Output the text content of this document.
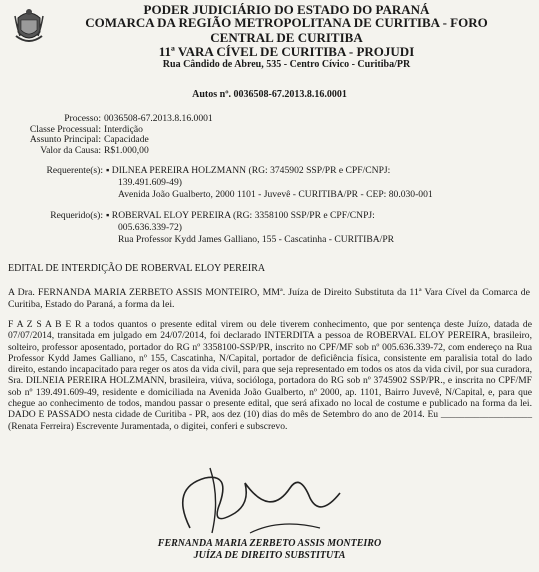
PODER JUDICIÁRIO DO ESTADO DO PARANÁ
COMARCA DA REGIÃO METROPOLITANA DE CURITIBA - FORO
CENTRAL DE CURITIBA
11ª VARA CÍVEL DE CURITIBA - PROJUDI
Rua Cândido de Abreu, 535 - Centro Cívico - Curitiba/PR
Autos nº. 0036508-67.2013.8.16.0001
Processo: 0036508-67.2013.8.16.0001
Classe Processual: Interdição
Assunto Principal: Capacidade
Valor da Causa: R$1.000,00
Requerente(s): ▪ DILNEA PEREIRA HOLZMANN (RG: 3745902 SSP/PR e CPF/CNPJ:
139.491.609-49)
Avenida João Gualberto, 2000 1101 - Juvevê - CURITIBA/PR - CEP: 80.030-001
Requerido(s): ▪ ROBERVAL ELOY PEREIRA (RG: 3358100 SSP/PR e CPF/CNPJ:
005.636.339-72)
Rua Professor Kydd James Galliano, 155 - Cascatinha - CURITIBA/PR
EDITAL DE INTERDIÇÃO DE ROBERVAL ELOY PEREIRA
A Dra. FERNANDA MARIA ZERBETO ASSIS MONTEIRO, MMª. Juíza de Direito Substituta da 11ª Vara Cível da Comarca de Curitiba, Estado do Paraná, a forma da lei.
F A Z S A B E R a todos quantos o presente edital virem ou dele tiverem conhecimento, que por sentença deste Juízo, datada de 07/07/2014, transitada em julgado em 24/07/2014, foi declarado INTERDITA a pessoa de ROBERVAL ELOY PEREIRA, brasileiro, solteiro, professor aposentado, portador do RG nº 3358100-SSP/PR, inscrito no CPF/MF sob nº 005.636.339-72, com endereço na Rua Professor Kydd James Galliano, nº 155, Cascatinha, N/Capital, portador de deficiência física, consistente em paralisia total do lado direito, estando incapacitado para reger os atos da vida civil, para que seja representado em todos os atos da vida civil, por sua curadora, Sra. DILNEIA PEREIRA HOLZMANN, brasileira, viúva, socióloga, portadora do RG sob nº 3745902 SSP/PR., e inscrita no CPF/MF sob nº 139.491.609-49, residente e domiciliada na Avenida João Gualberto, nº 2000, ap. 1101, Bairro Juvevê, N/Capital, e, para que chegue ao conhecimento de todos, mandou passar o presente edital, que será afixado no local de costume e publicado na forma da lei. DADO E PASSADO nesta cidade de Curitiba - PR, aos dez (10) dias do mês de Setembro do ano de 2014. Eu ___________________ (Renata Ferreira) Escrevente Juramentada, o digitei, conferi e subscrevo.
FERNANDA MARIA ZERBETO ASSIS MONTEIRO
JUÍZA DE DIREITO SUBSTITUTA
